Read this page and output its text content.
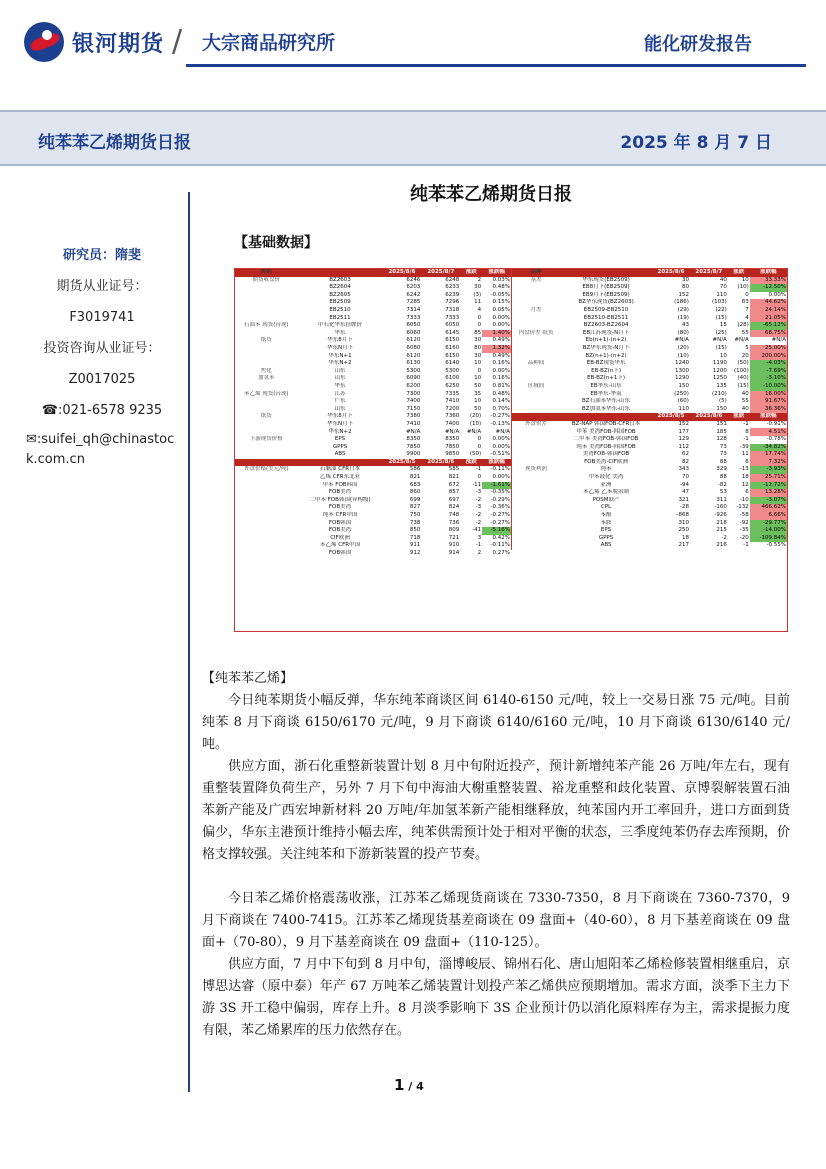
银河期货 / 大宗商品研究所	能化研发报告
纯苯苯乙烯期货日报	2025 年 8 月 7 日
研究员：隋斐
期货从业证号：
F3019741
投资咨询从业证号：
Z0017025
☎:021-6578 9235
✉:suifei_qh@chinastock.com.cn
纯苯苯乙烯期货日报
【基础数据】
类别		2025/8/6	2025/8/7	涨跌	涨跌幅
期货收盘价	BZ2603	6246	6248	2	0.03%
	BZ2604	6203	6233	30	0.48%
	BZ2605	6242	6239	(3)	-0.05%
	EB2509	7285	7296	11	0.15%
	EB2510	7314	7318	4	0.05%
	EB2511	7333	7333	0	0.00%
石油苯 现货(台现)	中石化华东挂牌价	6050	6050	0	0.00%
	华东	6060	6145	85	1.40%
纸货	华东8月下	6120	6150	30	0.49%
	华东N月下	6080	6160	80	1.32%
	华东N+1	6120	6150	30	0.49%
	华东N+2	6130	6140	10	0.16%
焦化	山东	5300	5300	0	0.00%
加氢苯	山东	6090	6100	10	0.16%
	华东	6200	6250	50	0.81%
苯乙烯 现货(台现)	江苏	7300	7335	35	0.48%
	广东	7400	7410	10	0.14%
	山东	7150	7200	50	0.70%
纸货	华东8月下	7380	7360	(20)	-0.27%
	华东N月下	7410	7400	(10)	-0.13%
	华东N+2	#N/A	#N/A	#N/A	#N/A
下游现货价格	EPS	8350	8350	0	0.00%
	GPPS	7850	7850	0	0.00%
	ABS	9900	9850	(50)	-0.51%
		2025/8/5	2025/8/6	涨跌	涨跌幅
外盘价格(美元/吨)	石脑油 CFR日本	586	585	-1	-0.11%
	乙烯 CFR东北亚	821	821	0	0.00%
	甲苯 FOB韩国	683	672	-11	-1.61%
	FOB美湾	860	857	-3	-0.35%
	二甲苯 FOB韩国(异构级)	699	697	-2	-0.29%
	FOB美湾	827	824	-3	-0.36%
	纯苯 CFR中国	750	748	-2	-0.27%
	FOB韩国	738	736	-2	-0.27%
	FOB美湾	850	809	-41	-5.16%
	CIF欧洲	718	721	3	0.42%
	苯乙烯 CFR中国	911	910	-1	-0.11%
	FOB韩国	912	914	2	0.27%
品种		2025/8/6	2025/8/7	涨跌	涨跌幅
基差	华东现货(EB2509)	30	40	10	33.33%
	EB8月下(EB2509)	80	70	(10)	-12.50%
	EB9月下(EB2509)	152	110	0	0.00%
	BZ华东现货(BZ2603)	(186)	(103)	83	44.62%
月差	EB2509-EB2510	(29)	(22)	7	24.14%
	EB2510-EB2511	(19)	(15)	4	21.05%
	BZ2603-BZ2604	43	15	(28)	-65.12%
内盘价差 纸货	EB江苏现货-N月下	(80)	(25)	55	68.75%
	Eb(n+1)-(n+2)	#N/A	#N/A	#N/A	#N/A
	BZ华东现货-N月下	(20)	(15)	5	25.00%
	BZ(n+1)-(n+2)	(10)	10	20	200.00%
品种间	EB-BZ现货华东	1240	1190	(50)	-4.03%
	EB-BZ(n下)	1300	1200	(100)	-7.69%
	EB-BZ(n+1下)	1290	1250	(40)	-3.10%
区域间	EB华东-山东	150	135	(15)	-10.00%
	EB华东-华南	(250)	(210)	40	16.00%
	BZ石油苯华东-山东	(60)	(5)	55	91.67%
	BZ加氢苯华东-山东	110	150	40	36.36%
		2025/8/5	2025/8/6	涨跌	涨跌幅
外盘价差	BZ-NAP 韩国FOB-CFR日本	152	151	-1	-0.91%
	甲苯 美湾FOB-韩国FOB	177	185	8	4.51%
	二甲苯 美湾FOB-韩国FOB	129	128	-1	-0.78%
	纯苯 美湾FOB-韩国FOB	112	73	-39	-34.82%
	美湾FOB-韩国FOB	62	73	11	17.74%
	FOB美湾-CIF欧洲	82	88	6	7.32%
现货利润	纯苯	343	329	-13	-3.93%
	甲苯歧化 美湾	70	88	18	25.71%
	亚洲	-94	-82	12	-12.72%
	苯乙烯 乙苯脱氢制	47	53	6	13.28%
	POSM联产	321	311	-10	-3.07%
	CPL	-28	-160	-132	466.62%
	苯酚	-868	-926	-58	6.66%
	苯胺	310	218	-92	-29.77%
	EPS	250	215	-35	-14.00%
	GPPS	18	-2	-20	-109.84%
	ABS	217	216	-1	-0.55%

【纯苯苯乙烯】

今日纯苯期货小幅反弹，华东纯苯商谈区间 6140-6150 元/吨，较上一交易日涨 75 元/吨。目前纯苯 8 月下商谈 6150/6170 元/吨，9 月下商谈 6140/6160 元/吨，10 月下商谈 6130/6140 元/吨。

供应方面，浙石化重整新装置计划 8 月中旬附近投产，预计新增纯苯产能 26 万吨/年左右，现有重整装置降负荷生产，另外 7 月下旬中海油大榭重整装置、裕龙重整和歧化装置、京博裂解装置石油苯新产能及广西宏坤新材料 20 万吨/年加氢苯新产能相继释放，纯苯国内开工率回升，进口方面到货偏少，华东主港预计维持小幅去库，纯苯供需预计处于相对平衡的状态，三季度纯苯仍存去库预期，价格支撑较强。关注纯苯和下游新装置的投产节奏。

今日苯乙烯价格震荡收涨，江苏苯乙烯现货商谈在 7330-7350，8 月下商谈在 7360-7370，9 月下商谈在 7400-7415。江苏苯乙烯现货基差商谈在 09 盘面+（40-60），8 月下基差商谈在 09 盘面+（70-80），9 月下基差商谈在 09 盘面+（110-125）。

供应方面，7 月中下旬到 8 月中旬，淄博峻辰、锦州石化、唐山旭阳苯乙烯检修装置相继重启，京博思达睿（原中泰）年产 67 万吨苯乙烯装置计划投产苯乙烯供应预期增加。需求方面，淡季下主力下游 3S 开工稳中偏弱，库存上升。8 月淡季影响下 3S 企业预计仍以消化原料库存为主，需求提振力度有限，苯乙烯累库的压力依然存在。

1 / 4
